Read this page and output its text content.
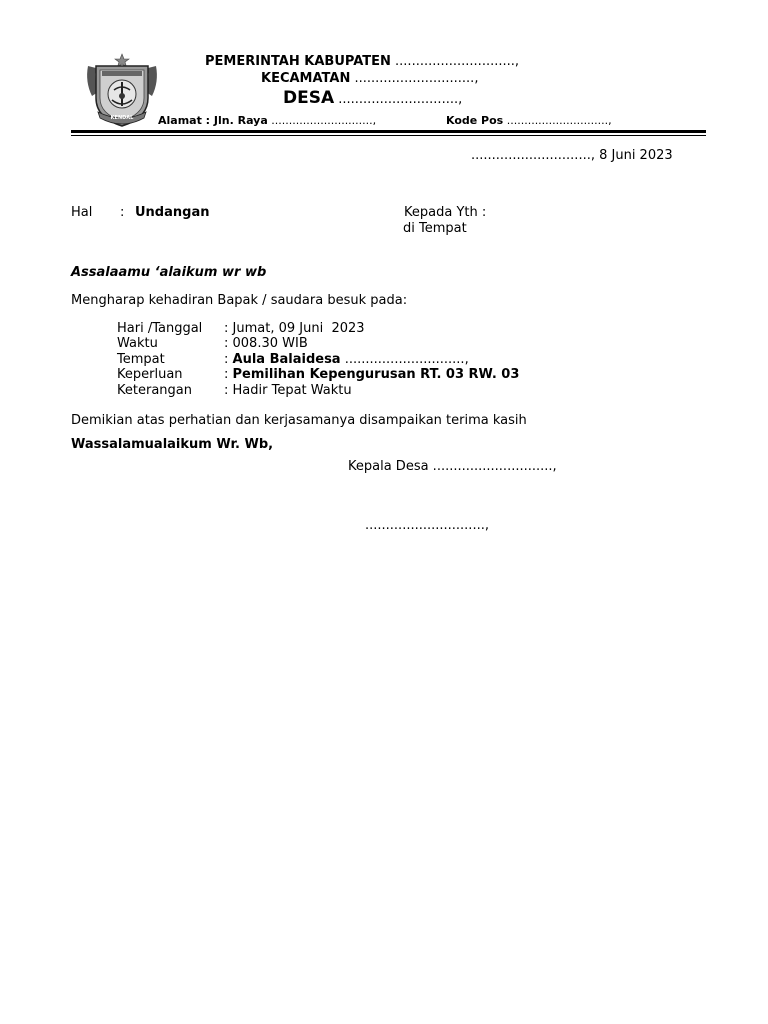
KENDAL
PEMERINTAH KABUPATEN .............................,
KECAMATAN .............................,
DESA .............................,
Alamat : Jln. Raya .............................,	Kode Pos .............................,
............................., 8 Juni 2023
Hal : Undangan	Kepada Yth :
di Tempat
Assalaamu ‘alaikum wr wb
Mengharap kehadiran Bapak / saudara besuk pada:
Hari /Tanggal : Jumat, 09 Juni  2023
Waktu	: 008.30 WIB
Tempat	: Aula Balaidesa .............................,
Keperluan	: Pemilihan Kepengurusan RT. 03 RW. 03
Keterangan : Hadir Tepat Waktu
Demikian atas perhatian dan kerjasamanya disampaikan terima kasih
Wassalamualaikum Wr. Wb,
Kepala Desa .............................,
.............................,
